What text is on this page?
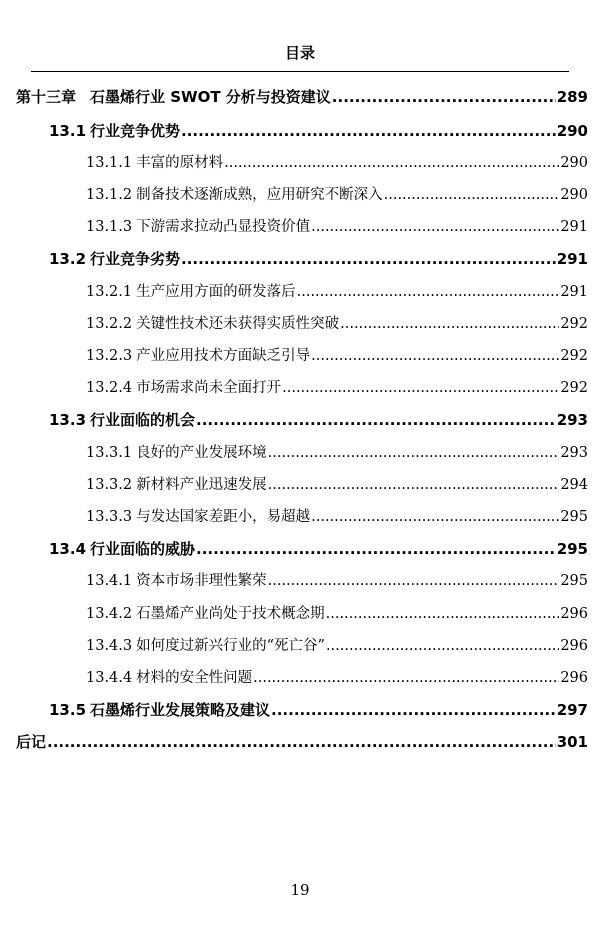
目录
第十三章 石墨烯行业 SWOT 分析与投资建议 .....	289
13.1 行业竞争优势 .....	290
13.1.1 丰富的原材料 .....	290
13.1.2 制备技术逐渐成熟，应用研究不断深入 .....	290
13.1.3 下游需求拉动凸显投资价值 .....	291
13.2 行业竞争劣势 .....	291
13.2.1 生产应用方面的研发落后 .....	291
13.2.2 关键性技术还未获得实质性突破 .....	292
13.2.3 产业应用技术方面缺乏引导 .....	292
13.2.4 市场需求尚未全面打开 .....	292
13.3 行业面临的机会 .....	293
13.3.1 良好的产业发展环境 .....	293
13.3.2 新材料产业迅速发展 .....	294
13.3.3 与发达国家差距小，易超越 .....	295
13.4 行业面临的威胁 .....	295
13.4.1 资本市场非理性繁荣 .....	295
13.4.2 石墨烯产业尚处于技术概念期 .....	296
13.4.3 如何度过新兴行业的“死亡谷” .....	296
13.4.4 材料的安全性问题 .....	296
13.5 石墨烯行业发展策略及建议 .....	297
后记 .....	301
19
